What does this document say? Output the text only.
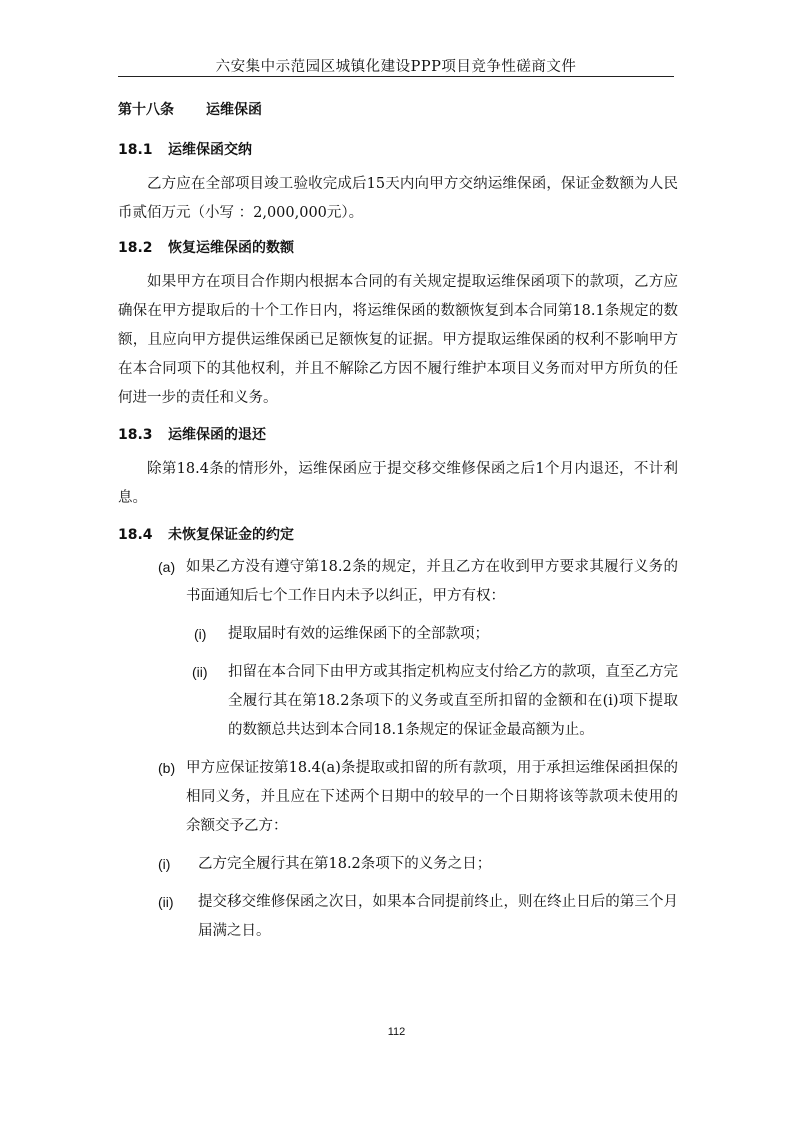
六安集中示范园区城镇化建设PPP项目竞争性磋商文件

第十八条 运维保函

18.1 运维保函交纳

乙方应在全部项目竣工验收完成后15天内向甲方交纳运维保函，保证金数额为人民币贰佰万元（小写 ：2,000,000元）。

18.2 恢复运维保函的数额

如果甲方在项目合作期内根据本合同的有关规定提取运维保函项下的款项，乙方应确保在甲方提取后的十个工作日内，将运维保函的数额恢复到本合同第18.1条规定的数额，且应向甲方提供运维保函已足额恢复的证据。甲方提取运维保函的权利不影响甲方在本合同项下的其他权利，并且不解除乙方因不履行维护本项目义务而对甲方所负的任何进一步的责任和义务。

18.3 运维保函的退还

除第18.4条的情形外，运维保函应于提交移交维修保函之后1个月内退还，不计利息。

18.4 未恢复保证金的约定

(a) 如果乙方没有遵守第18.2条的规定，并且乙方在收到甲方要求其履行义务的书面通知后七个工作日内未予以纠正，甲方有权：
(i) 提取届时有效的运维保函下的全部款项；
(ii) 扣留在本合同下由甲方或其指定机构应支付给乙方的款项，直至乙方完全履行其在第18.2条项下的义务或直至所扣留的金额和在(i)项下提取的数额总共达到本合同18.1条规定的保证金最高额为止。
(b) 甲方应保证按第18.4(a)条提取或扣留的所有款项，用于承担运维保函担保的相同义务，并且应在下述两个日期中的较早的一个日期将该等款项未使用的余额交予乙方：
(i) 乙方完全履行其在第18.2条项下的义务之日；
(ii) 提交移交维修保函之次日，如果本合同提前终止，则在终止日后的第三个月届满之日。
112
